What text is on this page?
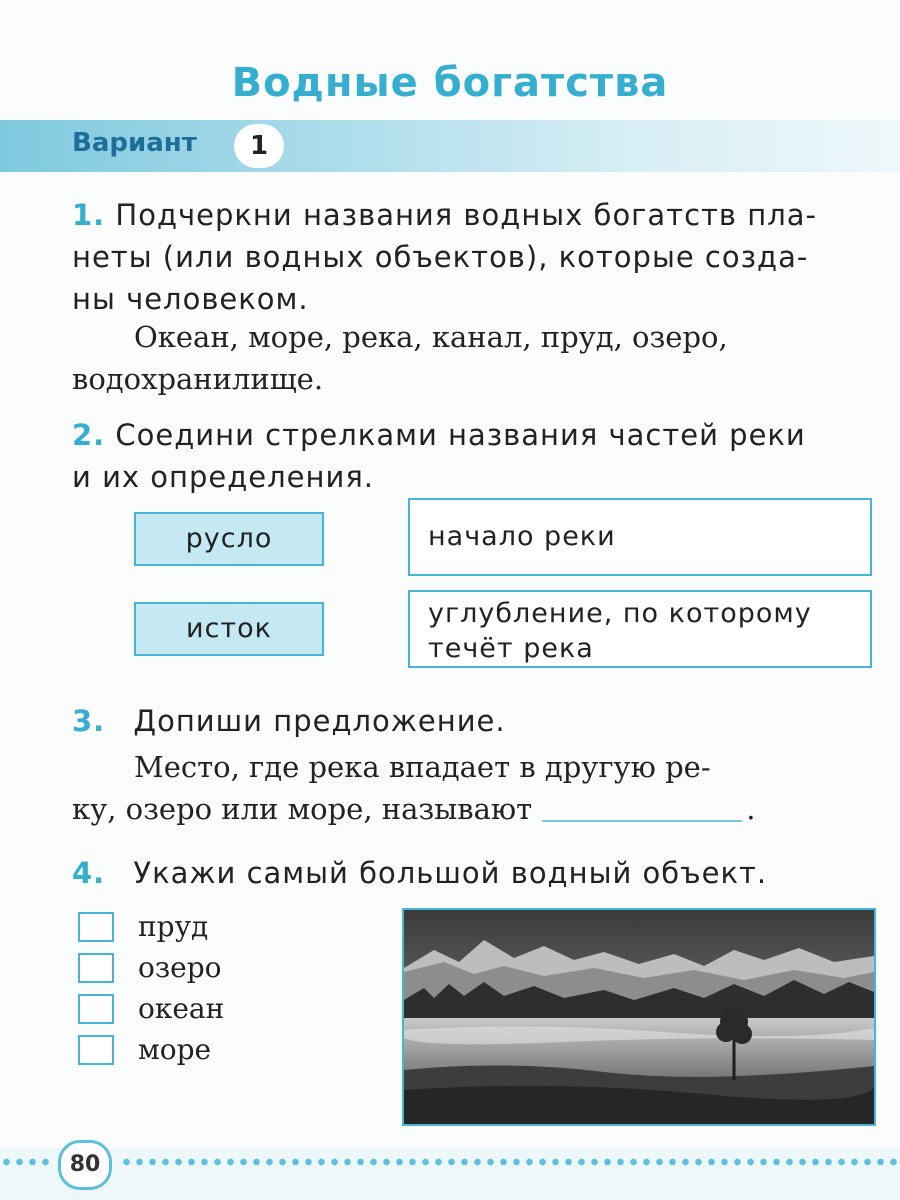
Водные богатства
Вариант	1
1. Подчеркни названия водных богатств пла-
неты (или водных объектов), которые созда-
ны человеком.
Океан, море, река, канал, пруд, озеро,
водохранилище.
2. Соедини стрелками названия частей реки
и их определения.
русло
исток
начало реки
углубление, по которому
течёт река
3. Допиши предложение.
Место, где река впадает в другую ре-
ку, озеро или море, называют	.
4. Укажи самый большой водный объект.
пруд
озеро
океан
море
80
